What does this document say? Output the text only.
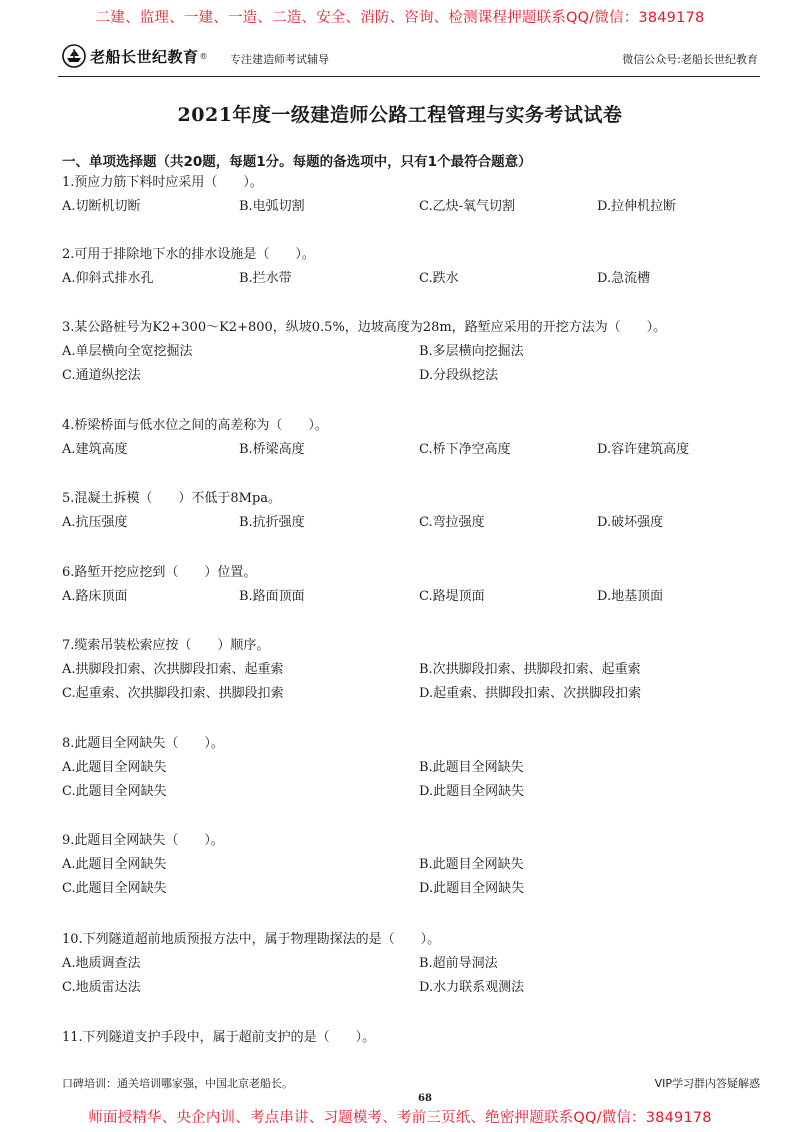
二建、监理、一建、一造、二造、安全、消防、咨询、检测课程押题联系QQ/微信：3849178
老船长世纪教育 ® 专注建造师考试辅导	微信公众号:老船长世纪教育
2021年度一级建造师公路工程管理与实务考试试卷
一、单项选择题（共20题，每题1分。每题的备选项中，只有1个最符合题意）
1.预应力筋下料时应采用（　　）。
A.切断机切断	B.电弧切割	C.乙炔-氧气切割	D.拉伸机拉断
2.可用于排除地下水的排水设施是（　　）。
A.仰斜式排水孔	B.拦水带	C.跌水	D.急流槽
3.某公路桩号为K2+300～K2+800，纵坡0.5%，边坡高度为28m，路堑应采用的开挖方法为（　　）。
A.单层横向全宽挖掘法	B.多层横向挖掘法
C.通道纵挖法	D.分段纵挖法
4.桥梁桥面与低水位之间的高差称为（　　）。
A.建筑高度	B.桥梁高度	C.桥下净空高度	D.容许建筑高度
5.混凝土拆模（　　）不低于8Mpa。
A.抗压强度	B.抗折强度	C.弯拉强度	D.破坏强度
6.路堑开挖应挖到（　　）位置。
A.路床顶面	B.路面顶面	C.路堤顶面	D.地基顶面
7.缆索吊装松索应按（　　）顺序。
A.拱脚段扣索、次拱脚段扣索、起重索	B.次拱脚段扣索、拱脚段扣索、起重索
C.起重索、次拱脚段扣索、拱脚段扣索	D.起重索、拱脚段扣索、次拱脚段扣索
8.此题目全网缺失（　　）。
A.此题目全网缺失	B.此题目全网缺失
C.此题目全网缺失	D.此题目全网缺失
9.此题目全网缺失（　　）。
A.此题目全网缺失	B.此题目全网缺失
C.此题目全网缺失	D.此题目全网缺失
10.下列隧道超前地质预报方法中，属于物理勘探法的是（　　）。
A.地质调查法	B.超前导洞法
C.地质雷达法	D.水力联系观测法
11.下列隧道支护手段中，属于超前支护的是（　　）。
口碑培训：通关培训哪家强，中国北京老船长。	VIP学习群内答疑解惑
68
师面授精华、央企内训、考点串讲、习题模考、考前三页纸、绝密押题联系QQ/微信：3849178
